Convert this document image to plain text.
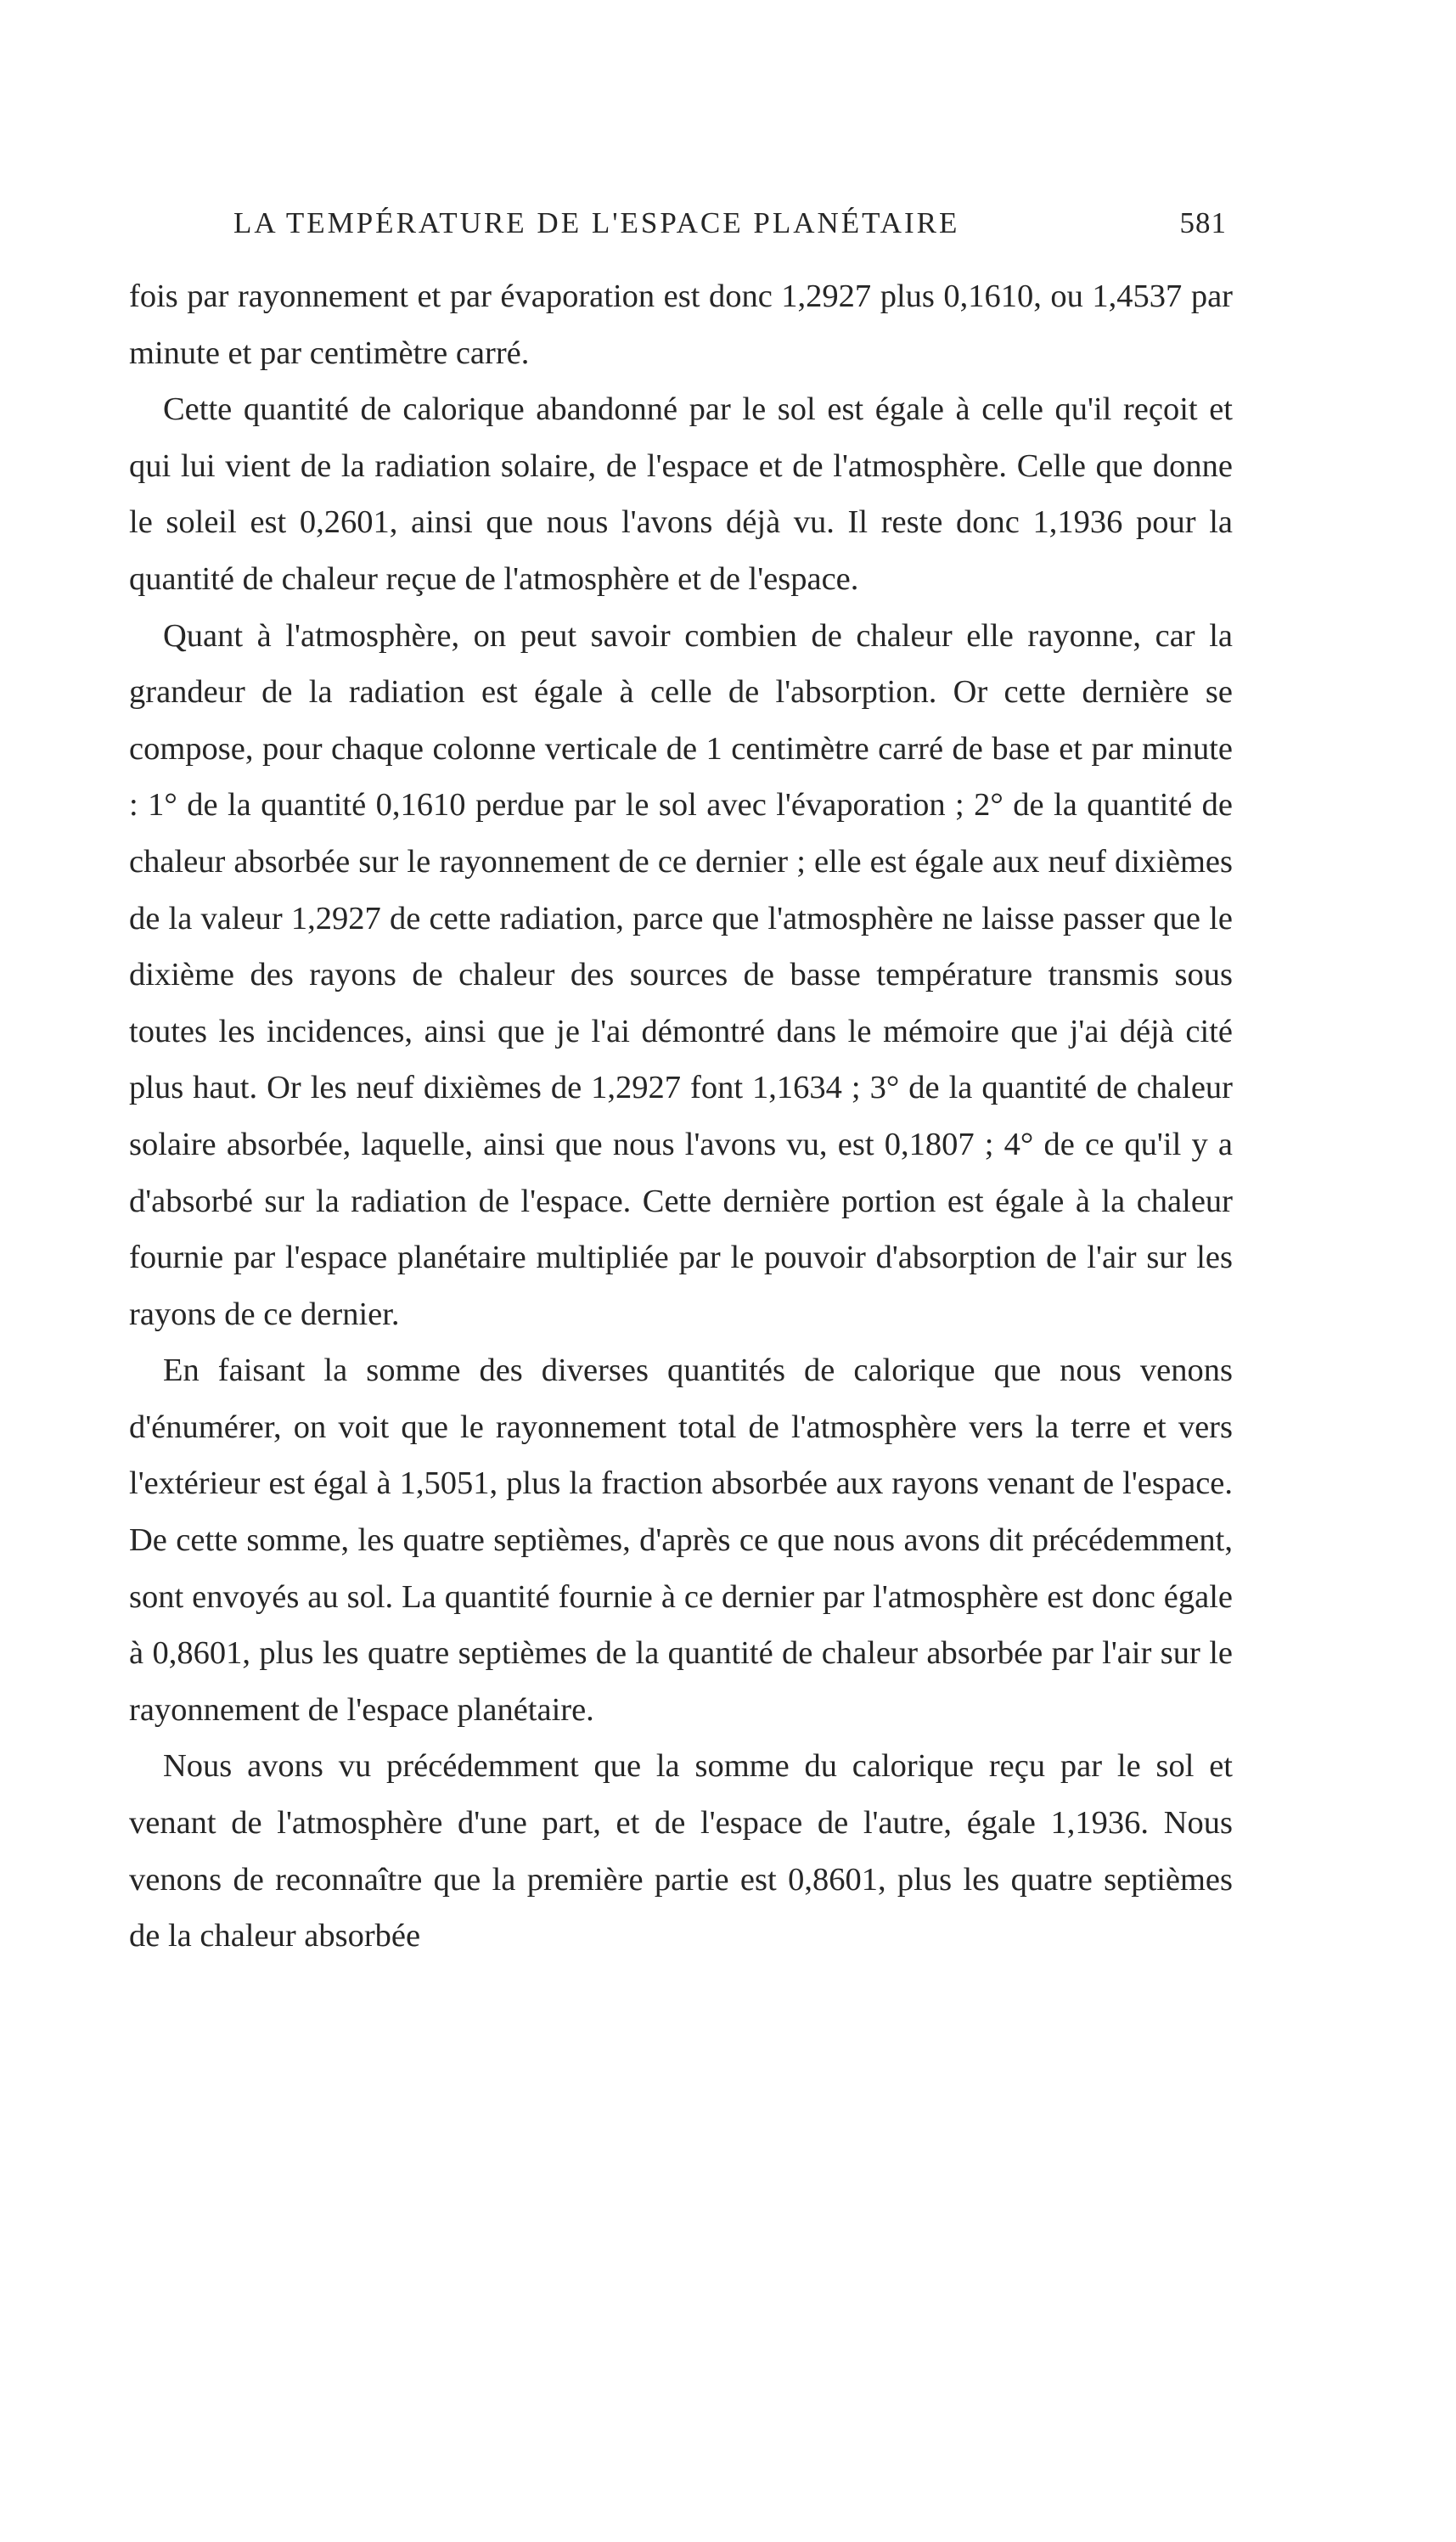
LA TEMPÉRATURE DE L'ESPACE PLANÉTAIRE	581

fois par rayonnement et par évaporation est donc 1,2927 plus 0,1610, ou 1,4537 par minute et par centimètre carré.

Cette quantité de calorique abandonné par le sol est égale à celle qu'il reçoit et qui lui vient de la radiation solaire, de l'espace et de l'atmosphère. Celle que donne le soleil est 0,2601, ainsi que nous l'avons déjà vu. Il reste donc 1,1936 pour la quantité de chaleur reçue de l'atmosphère et de l'espace.

Quant à l'atmosphère, on peut savoir combien de chaleur elle rayonne, car la grandeur de la radiation est égale à celle de l'absorption. Or cette dernière se compose, pour chaque colonne verticale de 1 centimètre carré de base et par minute : 1° de la quantité 0,1610 perdue par le sol avec l'évaporation ; 2° de la quantité de chaleur absorbée sur le rayonnement de ce dernier ; elle est égale aux neuf dixièmes de la valeur 1,2927 de cette radiation, parce que l'atmosphère ne laisse passer que le dixième des rayons de chaleur des sources de basse température transmis sous toutes les incidences, ainsi que je l'ai démontré dans le mémoire que j'ai déjà cité plus haut. Or les neuf dixièmes de 1,2927 font 1,1634 ; 3° de la quantité de chaleur solaire absorbée, laquelle, ainsi que nous l'avons vu, est 0,1807 ; 4° de ce qu'il y a d'absorbé sur la radiation de l'espace. Cette dernière portion est égale à la chaleur fournie par l'espace planétaire multipliée par le pouvoir d'absorption de l'air sur les rayons de ce dernier.

En faisant la somme des diverses quantités de calorique que nous venons d'énumérer, on voit que le rayonnement total de l'atmosphère vers la terre et vers l'extérieur est égal à 1,5051, plus la fraction absorbée aux rayons venant de l'espace. De cette somme, les quatre septièmes, d'après ce que nous avons dit précédemment, sont envoyés au sol. La quantité fournie à ce dernier par l'atmosphère est donc égale à 0,8601, plus les quatre septièmes de la quantité de chaleur absorbée par l'air sur le rayonnement de l'espace planétaire.

Nous avons vu précédemment que la somme du calorique reçu par le sol et venant de l'atmosphère d'une part, et de l'espace de l'autre, égale 1,1936. Nous venons de reconnaître que la première partie est 0,8601, plus les quatre septièmes de la chaleur absorbée
